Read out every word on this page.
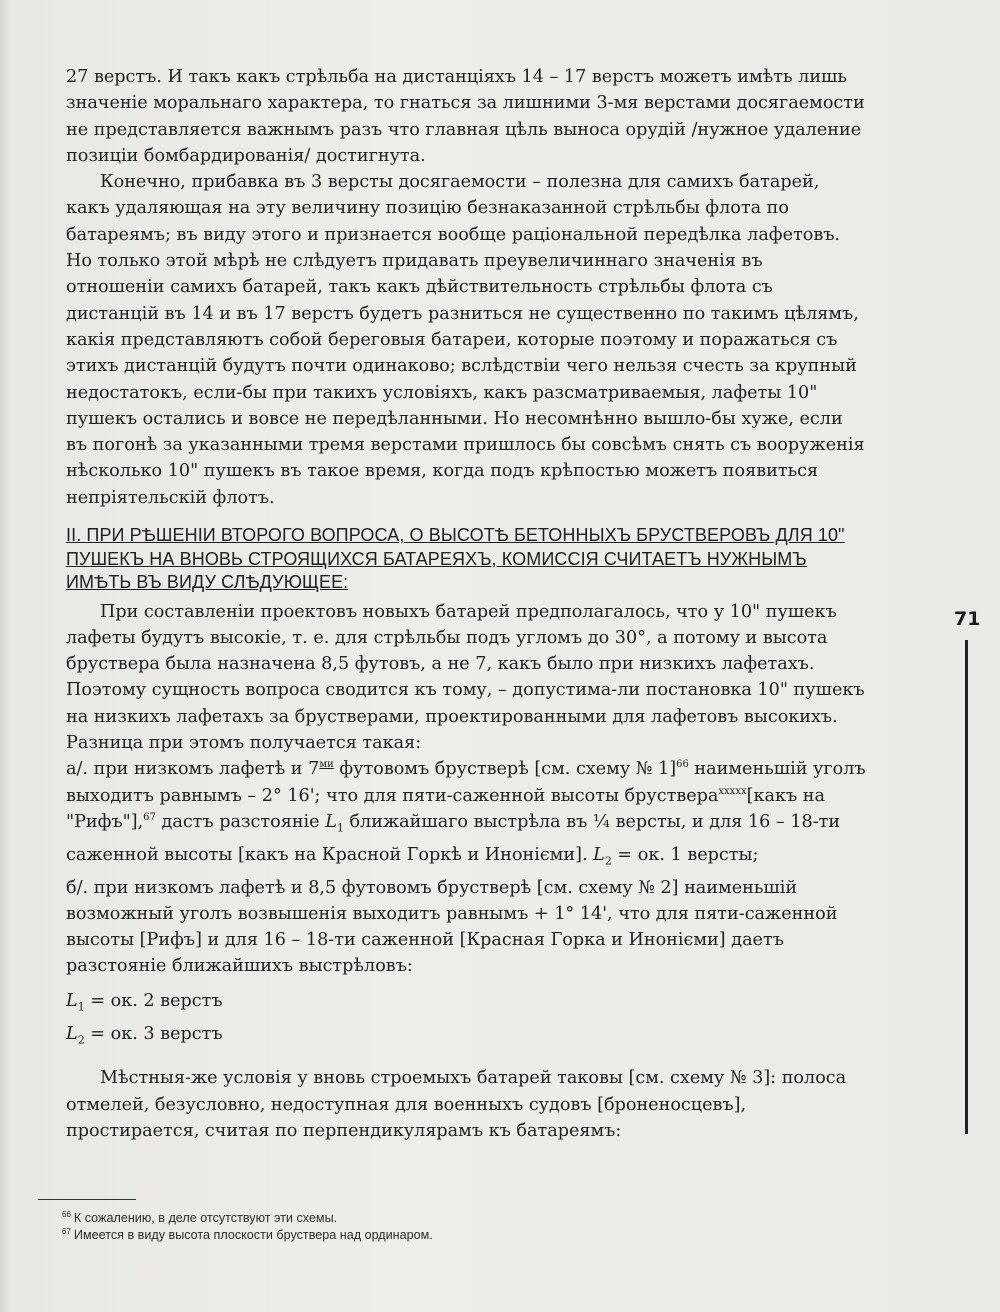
27 верстъ. И такъ какъ стрѣльба на дистанціяхъ 14 – 17 верстъ можетъ имѣть лишь значеніе моральнаго характера, то гнаться за лишними 3-мя верстами досягаемости не представляется важнымъ разъ что главная цѣль выноса орудій /нужное удаление позиціи бомбардированія/ достигнута.

Конечно, прибавка въ 3 версты досягаемости – полезна для самихъ батарей, какъ удаляющая на эту величину позицію безнаказанной стрѣльбы флота по батареямъ; въ виду этого и признается вообще раціональной передѣлка лафетовъ. Но только этой мѣрѣ не слѣдуетъ придавать преувеличиннаго значенія въ отношеніи самихъ батарей, такъ какъ дѣйствительность стрѣльбы флота съ дистанцій въ 14 и въ 17 верстъ будетъ разниться не существенно по такимъ цѣлямъ, какія представляютъ собой береговыя батареи, которые поэтому и поражаться съ этихъ дистанцій будутъ почти одинаково; вслѣдствіи чего нельзя счесть за крупный недостатокъ, если-бы при такихъ условіяхъ, какъ разсматриваемыя, лафеты 10" пушекъ остались и вовсе не передѣланными. Но несомнѣнно вышло-бы хуже, если въ погонѣ за указанными тремя верстами пришлось бы совсѣмъ снять съ вооруженія нѣсколько 10" пушекъ въ такое время, когда подъ крѣпостью можетъ появиться непріятельскій флотъ.

II. ПРИ РѢШЕНІИ ВТОРОГО ВОПРОСА, О ВЫСОТѢ БЕТОННЫХЪ БРУСТВЕРОВЪ ДЛЯ 10" ПУШЕКЪ НА ВНОВЬ СТРОЯЩИХСЯ БАТАРЕЯХЪ, КОМИССІЯ СЧИТАЕТЪ НУЖНЫМЪ ИМѢТЬ ВЪ ВИДУ СЛѢДУЮЩЕЕ:

При составленіи проектовъ новыхъ батарей предполагалось, что у 10" пушекъ лафеты будутъ высокіе, т. е. для стрѣльбы подъ угломъ до 30°, а потому и высота бруствера была назначена 8,5 футовъ, а не 7, какъ было при низкихъ лафетахъ. Поэтому сущность вопроса сводится къ тому, – допустима-ли постановка 10" пушекъ на низкихъ лафетахъ за брустверами, проектированными для лафетовъ высокихъ. Разница при этомъ получается такая:

а/. при низкомъ лафетѣ и $7^{ми}$ футовомъ брустверѣ [см. схему № 1]$^{66}$ наименьшій уголъ выходитъ равнымъ – 2° 16'; что для пяти-саженной высоты бруствера$^{xxxxx}$[какъ на "Рифъ"],$^{67}$ дастъ разстояніе $L_1$ ближайшаго выстрѣла въ ¼ версты, и для 16 – 18-ти саженной высоты [какъ на Красной Горкѣ и Инонієми]. $L_2$ = ок. 1 версты;

б/. при низкомъ лафетѣ и 8,5 футовомъ брустверѣ [см. схему № 2] наименьшій возможный уголъ возвышенія выходитъ равнымъ + 1° 14', что для пяти-саженной высоты [Рифъ] и для 16 – 18-ти саженной [Красная Горка и Инонієми] даетъ разстояніе ближайшихъ выстрѣловъ:

$L_1$ = ок. 2 верстъ

$L_2$ = ок. 3 верстъ

Мѣстныя-же условія у вновь строемыхъ батарей таковы [см. схему № 3]: полоса отмелей, безусловно, недоступная для военныхъ судовъ [броненосцевъ], простирается, считая по перпендикулярамъ къ батареямъ:

71

$^{66}$ К сожалению, в деле отсутствуют эти схемы.

$^{67}$ Имеется в виду высота плоскости бруствера над ординаром.
